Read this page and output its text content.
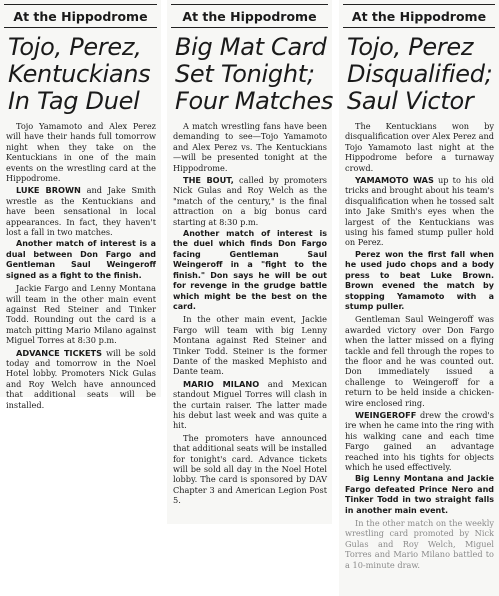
At the Hippodrome
Tojo, Perez,
Kentuckians
In Tag Duel

Tojo Yamamoto and Alex Perez will have their hands full tomorrow night when they take on the Kentuckians in one of the main events on the wrestling card at the Hippodrome.

LUKE BROWN and Jake Smith wrestle as the Kentuckians and have been sensational in local appearances. In fact, they haven't lost a fall in two matches.

Another match of interest is a dual between Don Fargo and Gentleman Saul Weingeroff signed as a fight to the finish.

Jackie Fargo and Lenny Montana will team in the other main event against Red Steiner and Tinker Todd. Rounding out the card is a match pitting Mario Milano against Miguel Torres at 8:30 p.m.

ADVANCE TICKETS will be sold today and tomorrow in the Noel Hotel lobby. Promoters Nick Gulas and Roy Welch have announced that additional seats will be installed.

At the Hippodrome
Big Mat Card
Set Tonight;
Four Matches

A match wrestling fans have been demanding to see—Tojo Yamamoto and Alex Perez vs. The Kentuckians—will be presented tonight at the Hippodrome.

THE BOUT, called by promoters Nick Gulas and Roy Welch as the "match of the century," is the final attraction on a big bonus card starting at 8:30 p.m.

Another match of interest is the duel which finds Don Fargo facing Gentleman Saul Weingeroff in a "fight to the finish." Don says he will be out for revenge in the grudge battle which might be the best on the card.

In the other main event, Jackie Fargo will team with big Lenny Montana against Red Steiner and Tinker Todd. Steiner is the former Dante of the masked Mephisto and Dante team.

MARIO MILANO and Mexican standout Miguel Torres will clash in the curtain raiser. The latter made his debut last week and was quite a hit.

The promoters have announced that additional seats will be installed for tonight's card. Advance tickets will be sold all day in the Noel Hotel lobby. The card is sponsored by DAV Chapter 3 and American Legion Post 5.

At the Hippodrome
Tojo, Perez
Disqualified;
Saul Victor

The Kentuckians won by disqualification over Alex Perez and Tojo Yamamoto last night at the Hippodrome before a turnaway crowd.

YAMAMOTO WAS up to his old tricks and brought about his team's disqualification when he tossed salt into Jake Smith's eyes when the largest of the Kentuckians was using his famed stump puller hold on Perez.

Perez won the first fall when he used judo chops and a body press to beat Luke Brown. Brown evened the match by stopping Yamamoto with a stump puller.

Gentleman Saul Weingeroff was awarded victory over Don Fargo when the latter missed on a flying tackle and fell through the ropes to the floor and he was counted out. Don immediately issued a challenge to Weingeroff for a return to be held inside a chicken-wire enclosed ring.

WEINGEROFF drew the crowd's ire when he came into the ring with his walking cane and each time Fargo gained an advantage reached into his tights for objects which he used effectively.

Big Lenny Montana and Jackie Fargo defeated Prince Nero and Tinker Todd in two straight falls in another main event.

In the other match on the weekly wrestling card promoted by Nick Gulas and Roy Welch, Miguel Torres and Mario Milano battled to a 10-minute draw.
